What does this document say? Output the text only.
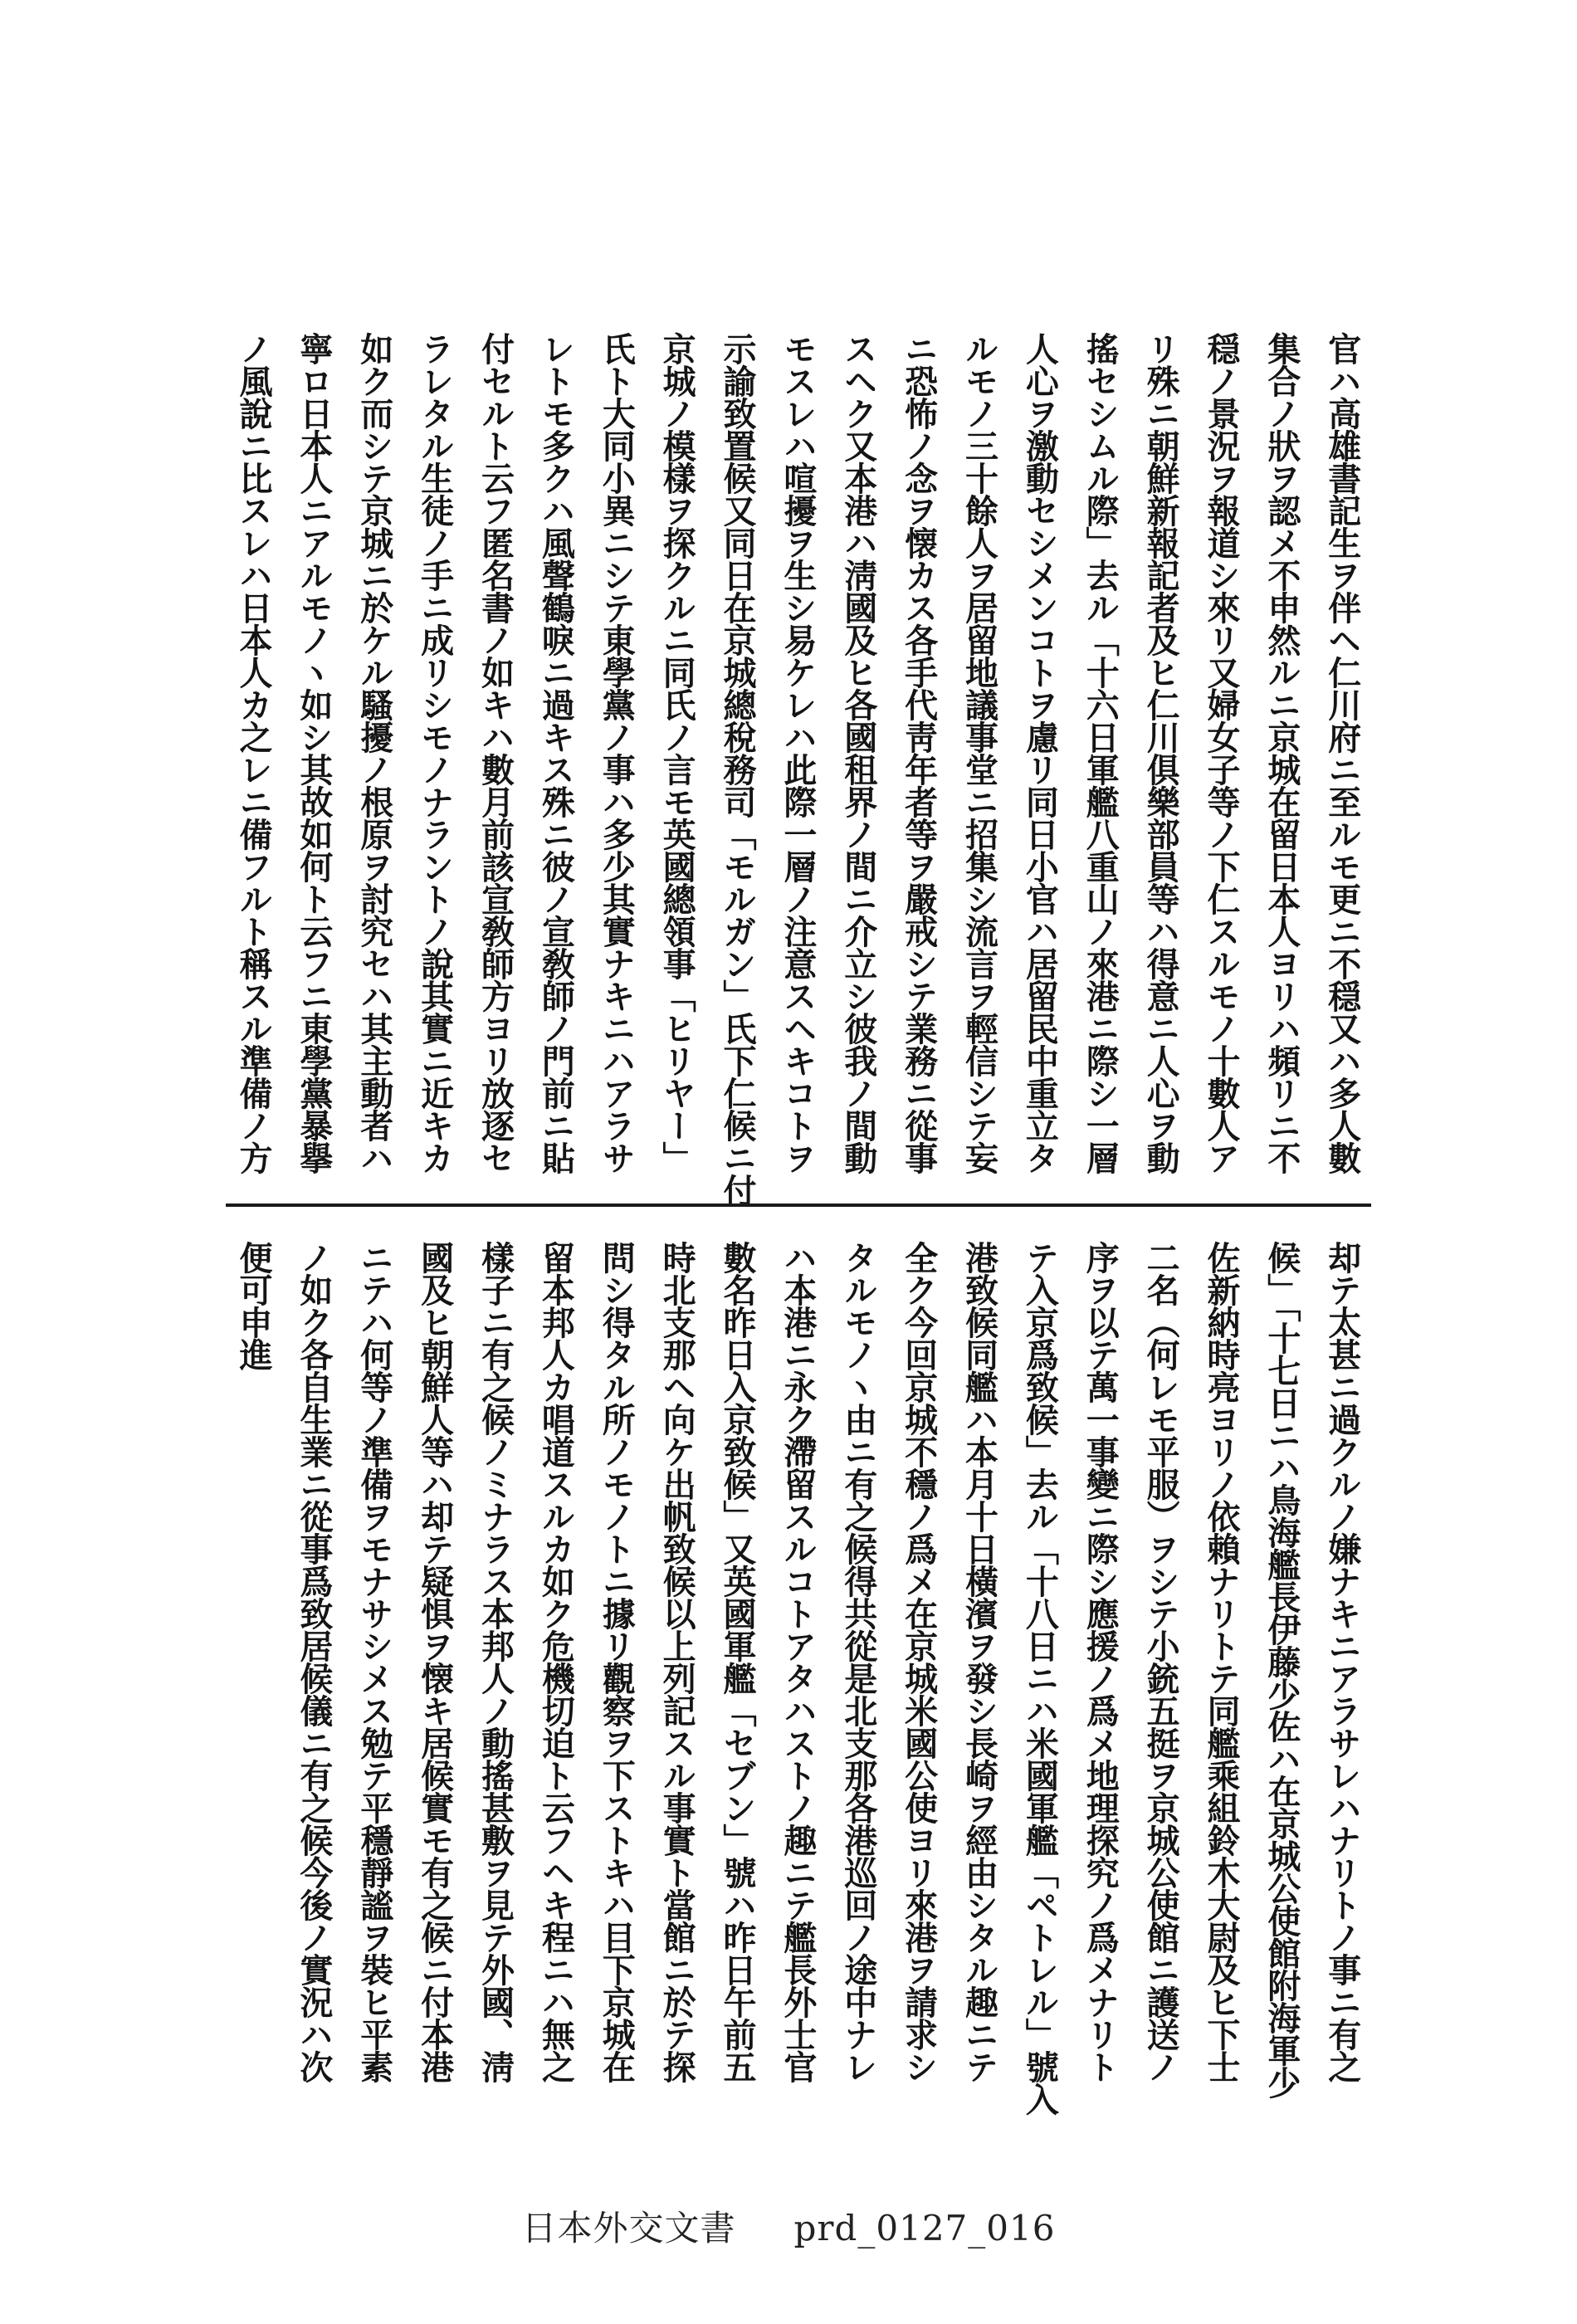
官ハ高雄書記生ヲ伴ヘ仁川府ニ至ルモ更ニ不穏又ハ多人數
集合ノ狀ヲ認メ不申然ルニ京城在留日本人ヨリハ頻リニ不
穏ノ景況ヲ報道シ來リ又婦女子等ノ下仁スルモノ十數人ア
リ殊ニ朝鮮新報記者及ヒ仁川俱樂部員等ハ得意ニ人心ヲ動
搖セシムル際」去ル「十六日軍艦八重山ノ來港ニ際シ一層
人心ヲ激動セシメンコトヲ慮リ同日小官ハ居留民中重立タ
ルモノ三十餘人ヲ居留地議事堂ニ招集シ流言ヲ輕信シテ妄
ニ恐怖ノ念ヲ懐カス各手代靑年者等ヲ嚴戒シテ業務ニ從事
スヘク又本港ハ淸國及ヒ各國租界ノ間ニ介立シ彼我ノ間動
モスレハ喧擾ヲ生シ易ケレハ此際一層ノ注意スヘキコトヲ
示諭致置候又同日在京城總稅務司「モルガン」氏下仁候ニ付
京城ノ模樣ヲ探クルニ同氏ノ言モ英國總領事「ヒリヤー」
氏ト大同小異ニシテ東學黨ノ事ハ多少其實ナキニハアラサ
レトモ多クハ風聲鶴唳ニ過キス殊ニ彼ノ宣敎師ノ門前ニ貼
付セルト云フ匿名書ノ如キハ數月前該宣敎師方ヨリ放逐セ
ラレタル生徒ノ手ニ成リシモノナラントノ說其實ニ近キカ
如ク而シテ京城ニ於ケル騷擾ノ根原ヲ討究セハ其主動者ハ
寧ロ日本人ニアルモノヽ如シ其故如何ト云フニ東學黨暴擧
ノ風說ニ比スレハ日本人カ之レニ備フルト稱スル準備ノ方
却テ太甚ニ過クルノ嫌ナキニアラサレハナリトノ事ニ有之
候」「十七日ニハ鳥海艦長伊藤少佐ハ在京城公使館附海軍少
佐新納時亮ヨリノ依賴ナリトテ同艦乘組鈴木大尉及ヒ下士
二名（何レモ平服）ヲシテ小銃五挺ヲ京城公使館ニ護送ノ
序ヲ以テ萬一事變ニ際シ應援ノ爲メ地理探究ノ爲メナリト
テ入京爲致候」去ル「十八日ニハ米國軍艦「ペトレル」號入
港致候同艦ハ本月十日橫濱ヲ發シ長崎ヲ經由シタル趣ニテ
全ク今回京城不穩ノ爲メ在京城米國公使ヨリ來港ヲ請求シ
タルモノヽ由ニ有之候得共從是北支那各港巡回ノ途中ナレ
ハ本港ニ永ク滯留スルコトアタハストノ趣ニテ艦長外士官
數名昨日入京致候」又英國軍艦「セブン」號ハ昨日午前五
時北支那ヘ向ケ出帆致候以上列記スル事實ト當館ニ於テ探
問シ得タル所ノモノトニ據リ觀察ヲ下ストキハ目下京城在
留本邦人カ唱道スルカ如ク危機切迫ト云フヘキ程ニハ無之
樣子ニ有之候ノミナラス本邦人ノ動搖甚敷ヲ見テ外國、淸
國及ヒ朝鮮人等ハ却テ疑惧ヲ懐キ居候實モ有之候ニ付本港
ニテハ何等ノ準備ヲモナサシメス勉テ平穩靜謐ヲ裝ヒ平素
ノ如ク各自生業ニ從事爲致居候儀ニ有之候今後ノ實況ハ次
便可申進
日本外交文書 prd_0127_016
